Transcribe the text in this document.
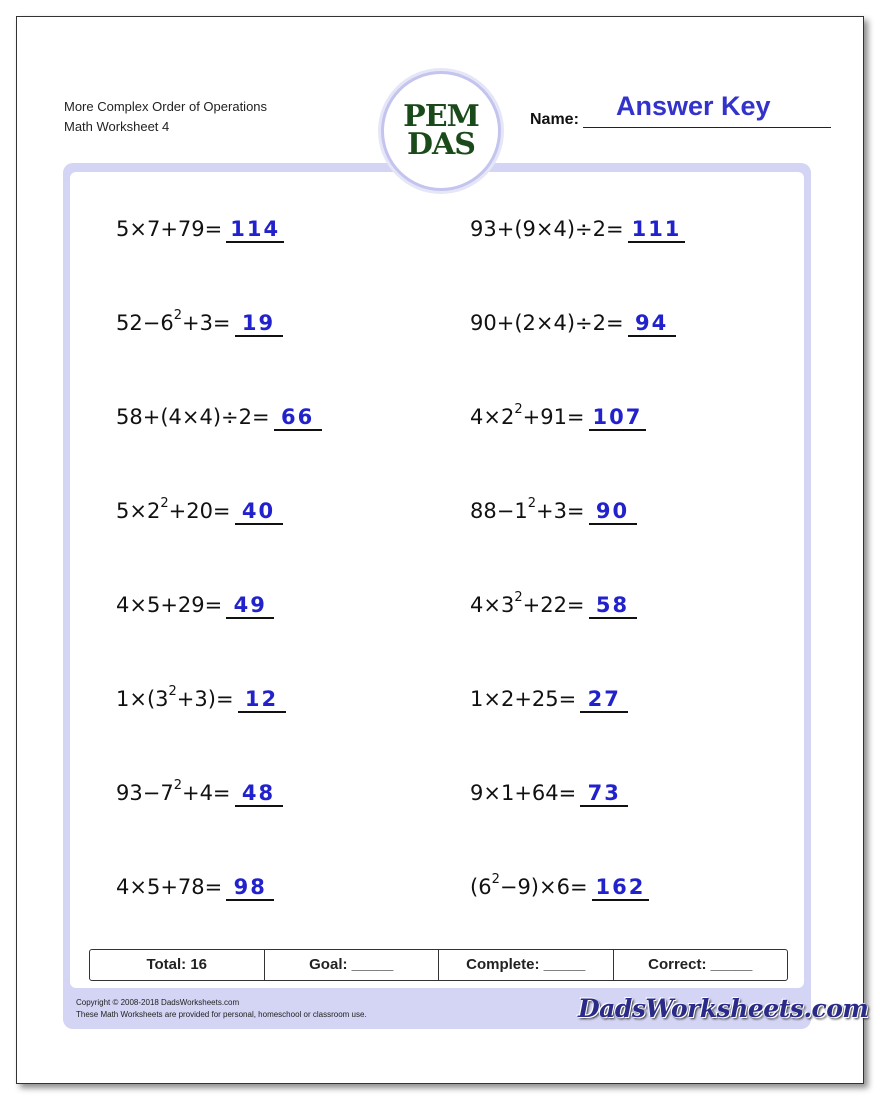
More Complex Order of Operations
Math Worksheet 4	PEM
DAS
Name: Answer Key
5×7+79= 114	93+(9×4)÷2= 111
$52-6^2+3= 19$	90+(2×4)÷2= 94
58+(4×4)÷2= 66	$4\times 2^2+91= 107$
$5\times 2^2+20= 40$	$88-1^2+3= 90$
4×5+29= 49	$4\times 3^2+22= 58$
$1\times(3^2+3)= 12$	1×2+25= 27
$93-7^2+4= 48$	9×1+64= 73
4×5+78= 98	$(6^2-9)\times 6= 162$
Total: 16	Goal: _____	Complete: _____	Correct: _____
Copyright © 2008-2018 DadsWorksheets.com
These Math Worksheets are provided for personal, homeschool or classroom use.	DadsWorksheets.com
